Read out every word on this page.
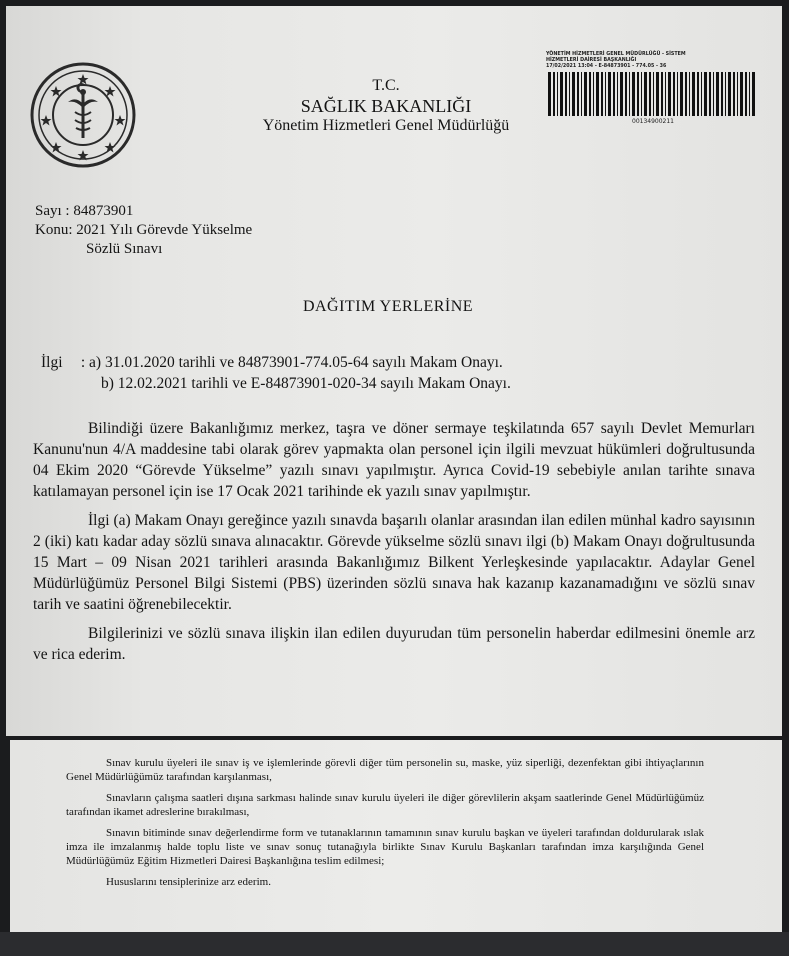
T.C.
SAĞLIK BAKANLIĞI
Yönetim Hizmetleri Genel Müdürlüğü
YÖNETİM HİZMETLERİ GENEL MÜDÜRLÜĞÜ - SİSTEM
HİZMETLERİ DAİRESİ BAŞKANLIĞI
17/02/2021 13:04 - E-84873901 - 774.05 - 36
00134900211
Sayı : 84873901
Konu: 2021 Yılı Görevde Yükselme
Sözlü Sınavı
DAĞITIM YERLERİNE
İlgi : a) 31.01.2020 tarihli ve 84873901-774.05-64 sayılı Makam Onayı.
b) 12.02.2021 tarihli ve E-84873901-020-34 sayılı Makam Onayı.

Bilindiği üzere Bakanlığımız merkez, taşra ve döner sermaye teşkilatında 657 sayılı Devlet Memurları Kanunu'nun 4/A maddesine tabi olarak görev yapmakta olan personel için ilgili mevzuat hükümleri doğrultusunda 04 Ekim 2020 “Görevde Yükselme” yazılı sınavı yapılmıştır. Ayrıca Covid-19 sebebiyle anılan tarihte sınava katılamayan personel için ise 17 Ocak 2021 tarihinde ek yazılı sınav yapılmıştır.

İlgi (a) Makam Onayı gereğince yazılı sınavda başarılı olanlar arasından ilan edilen münhal kadro sayısının 2 (iki) katı kadar aday sözlü sınava alınacaktır. Görevde yükselme sözlü sınavı ilgi (b) Makam Onayı doğrultusunda 15 Mart – 09 Nisan 2021 tarihleri arasında Bakanlığımız Bilkent Yerleşkesinde yapılacaktır. Adaylar Genel Müdürlüğümüz Personel Bilgi Sistemi (PBS) üzerinden sözlü sınava hak kazanıp kazanamadığını ve sözlü sınav tarih ve saatini öğrenebilecektir.

Bilgilerinizi ve sözlü sınava ilişkin ilan edilen duyurudan tüm personelin haberdar edilmesini önemle arz ve rica ederim.

Sınav kurulu üyeleri ile sınav iş ve işlemlerinde görevli diğer tüm personelin su, maske, yüz siperliği, dezenfektan gibi ihtiyaçlarının Genel Müdürlüğümüz tarafından karşılanması,

Sınavların çalışma saatleri dışına sarkması halinde sınav kurulu üyeleri ile diğer görevlilerin akşam saatlerinde Genel Müdürlüğümüz tarafından ikamet adreslerine bırakılması,

Sınavın bitiminde sınav değerlendirme form ve tutanaklarının tamamının sınav kurulu başkan ve üyeleri tarafından doldurularak ıslak imza ile imzalanmış halde toplu liste ve sınav sonuç tutanağıyla birlikte Sınav Kurulu Başkanları tarafından imza karşılığında Genel Müdürlüğümüz Eğitim Hizmetleri Dairesi Başkanlığına teslim edilmesi;

Hususlarını tensiplerinize arz ederim.
